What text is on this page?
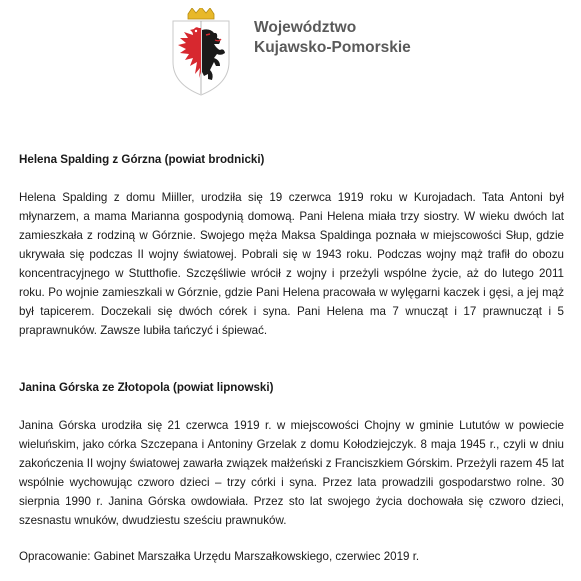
Województwo
Kujawsko-Pomorskie

Helena Spalding z Górzna (powiat brodnicki)

Helena Spalding z domu Miiller, urodziła się 19 czerwca 1919 roku w Kurojadach. Tata Antoni był młynarzem, a mama Marianna gospodynią domową. Pani Helena miała trzy siostry. W wieku dwóch lat zamieszkała z rodziną w Górznie. Swojego męża Maksa Spaldinga poznała w miejscowości Słup, gdzie ukrywała się podczas II wojny światowej. Pobrali się w 1943 roku. Podczas wojny mąż trafił do obozu koncentracyjnego w Stutthofie. Szczęśliwie wrócił z wojny i przeżyli wspólne życie, aż do lutego 2011 roku. Po wojnie zamieszkali w Górznie, gdzie Pani Helena pracowała w wylęgarni kaczek i gęsi, a jej mąż był tapicerem. Doczekali się dwóch córek i syna. Pani Helena ma 7 wnucząt i 17 prawnucząt i 5 praprawnuków. Zawsze lubiła tańczyć i śpiewać.

Janina Górska ze Złotopola (powiat lipnowski)

Janina Górska urodziła się 21 czerwca 1919 r. w miejscowości Chojny w gminie Lututów w powiecie wieluńskim, jako córka Szczepana i Antoniny Grzelak z domu Kołodziejczyk. 8 maja 1945 r., czyli w dniu zakończenia II wojny światowej zawarła związek małżeński z Franciszkiem Górskim. Przeżyli razem 45 lat wspólnie wychowując czworo dzieci – trzy córki i syna. Przez lata prowadzili gospodarstwo rolne. 30 sierpnia 1990 r. Janina Górska owdowiała. Przez sto lat swojego życia dochowała się czworo dzieci, szesnastu wnuków, dwudziestu sześciu prawnuków.

Opracowanie: Gabinet Marszałka Urzędu Marszałkowskiego, czerwiec 2019 r.
